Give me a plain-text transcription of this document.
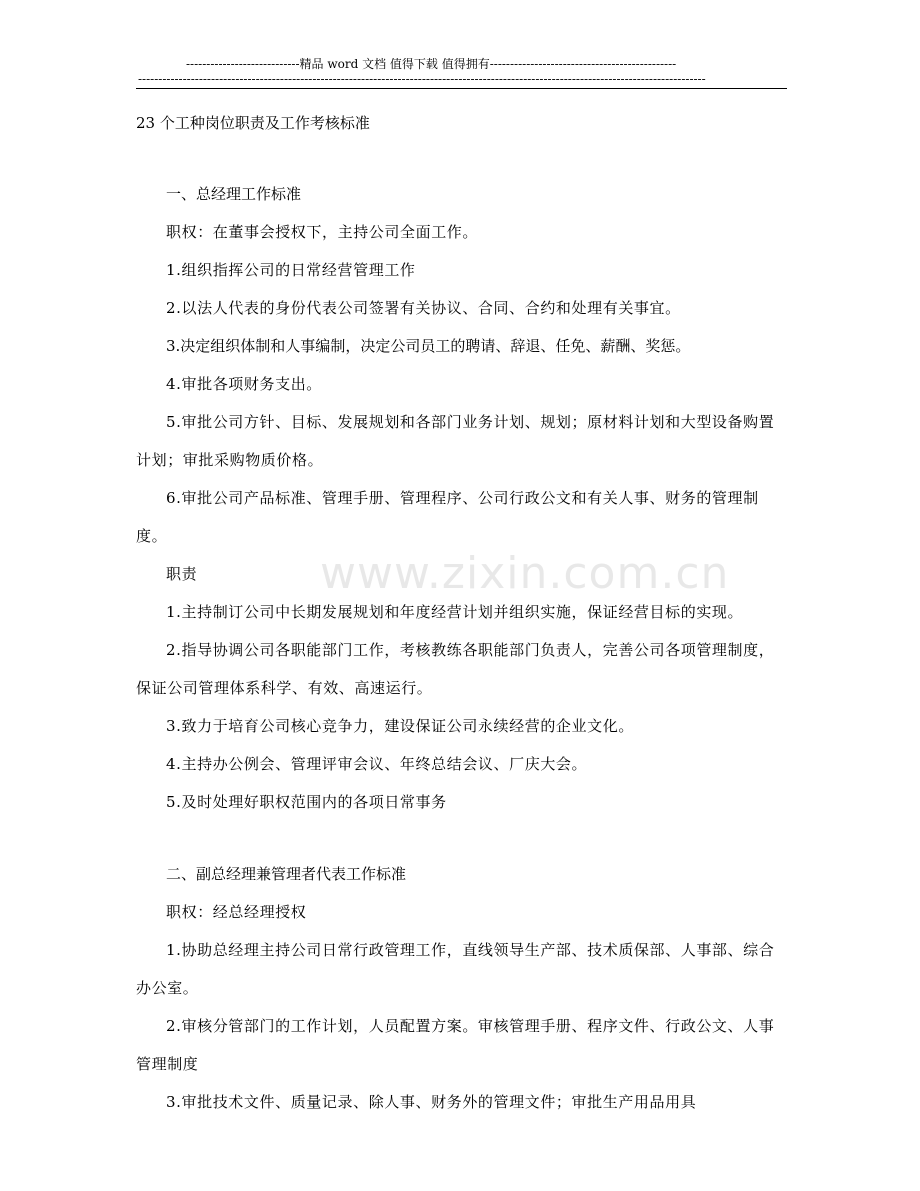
----------------------------精品 word 文档 值得下载 值得拥有----------------------------------------------
--------------------------------------------------------------------------------------------------------------------------------------------

23 个工种岗位职责及工作考核标准

一、总经理工作标准

职权：在董事会授权下，主持公司全面工作。

1.组织指挥公司的日常经营管理工作

2.以法人代表的身份代表公司签署有关协议、合同、合约和处理有关事宜。

3.决定组织体制和人事编制，决定公司员工的聘请、辞退、任免、薪酬、奖惩。

4.审批各项财务支出。

5.审批公司方针、目标、发展规划和各部门业务计划、规划；原材料计划和大型设备购置计划；审批采购物质价格。

6.审批公司产品标准、管理手册、管理程序、公司行政公文和有关人事、财务的管理制度。

职责

1.主持制订公司中长期发展规划和年度经营计划并组织实施，保证经营目标的实现。

2.指导协调公司各职能部门工作，考核教练各职能部门负责人，完善公司各项管理制度，保证公司管理体系科学、有效、高速运行。

3.致力于培育公司核心竞争力，建设保证公司永续经营的企业文化。

4.主持办公例会、管理评审会议、年终总结会议、厂庆大会。

5.及时处理好职权范围内的各项日常事务

二、副总经理兼管理者代表工作标准

职权：经总经理授权

1.协助总经理主持公司日常行政管理工作，直线领导生产部、技术质保部、人事部、综合办公室。

2.审核分管部门的工作计划，人员配置方案。审核管理手册、程序文件、行政公文、人事管理制度

3.审批技术文件、质量记录、除人事、财务外的管理文件；审批生产用品用具

www.zixin.com.cn
